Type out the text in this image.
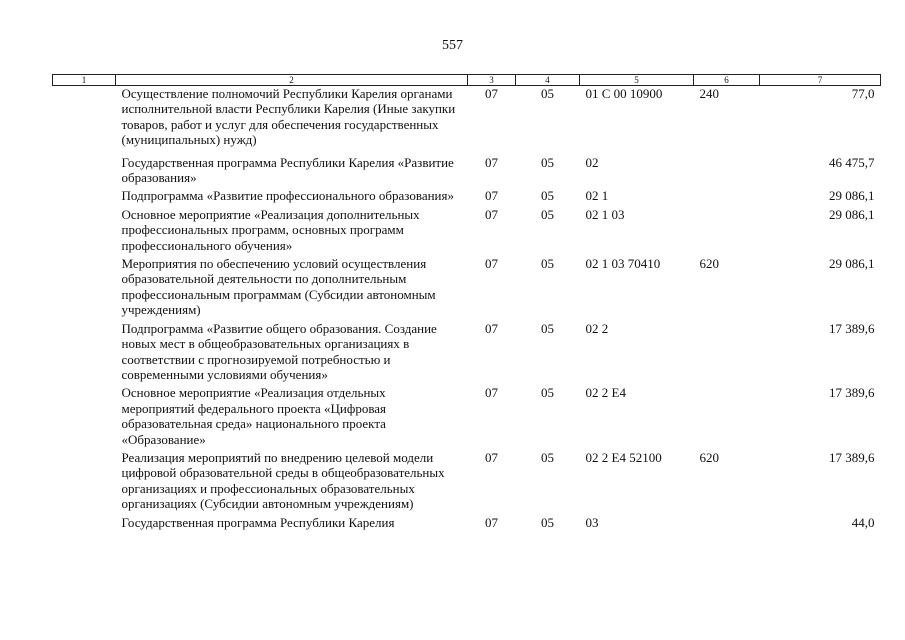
557
1	2	3	4	5	6	7
	Осуществление полномочий Республики Карелия органами исполнительной власти Республики Карелия (Иные закупки товаров, работ и услуг для обеспечения государственных (муниципальных) нужд)	07	05	01 С 00 10900	240	77,0
	Государственная программа Республики Карелия «Развитие образования»	07	05	02		46 475,7
	Подпрограмма «Развитие профессионального образования»	07	05	02 1		29 086,1
	Основное мероприятие «Реализация дополнительных профессиональных программ, основных программ профессионального обучения»	07	05	02 1 03		29 086,1
	Мероприятия по обеспечению условий осуществления образовательной деятельности по дополнительным профессиональным программам (Субсидии автономным учреждениям)	07	05	02 1 03 70410	620	29 086,1
	Подпрограмма «Развитие общего образования. Создание новых мест в общеобразовательных организациях в соответствии с прогнозируемой потребностью и современными условиями обучения»	07	05	02 2		17 389,6
	Основное мероприятие «Реализация отдельных мероприятий федерального проекта «Цифровая образовательная среда» национального проекта «Образование»	07	05	02 2 Е4		17 389,6
	Реализация мероприятий по внедрению целевой модели цифровой образовательной среды в общеобразовательных организациях и профессиональных образовательных организациях (Субсидии автономным учреждениям)	07	05	02 2 Е4 52100	620	17 389,6
	Государственная программа Республики Карелия	07	05	03		44,0
